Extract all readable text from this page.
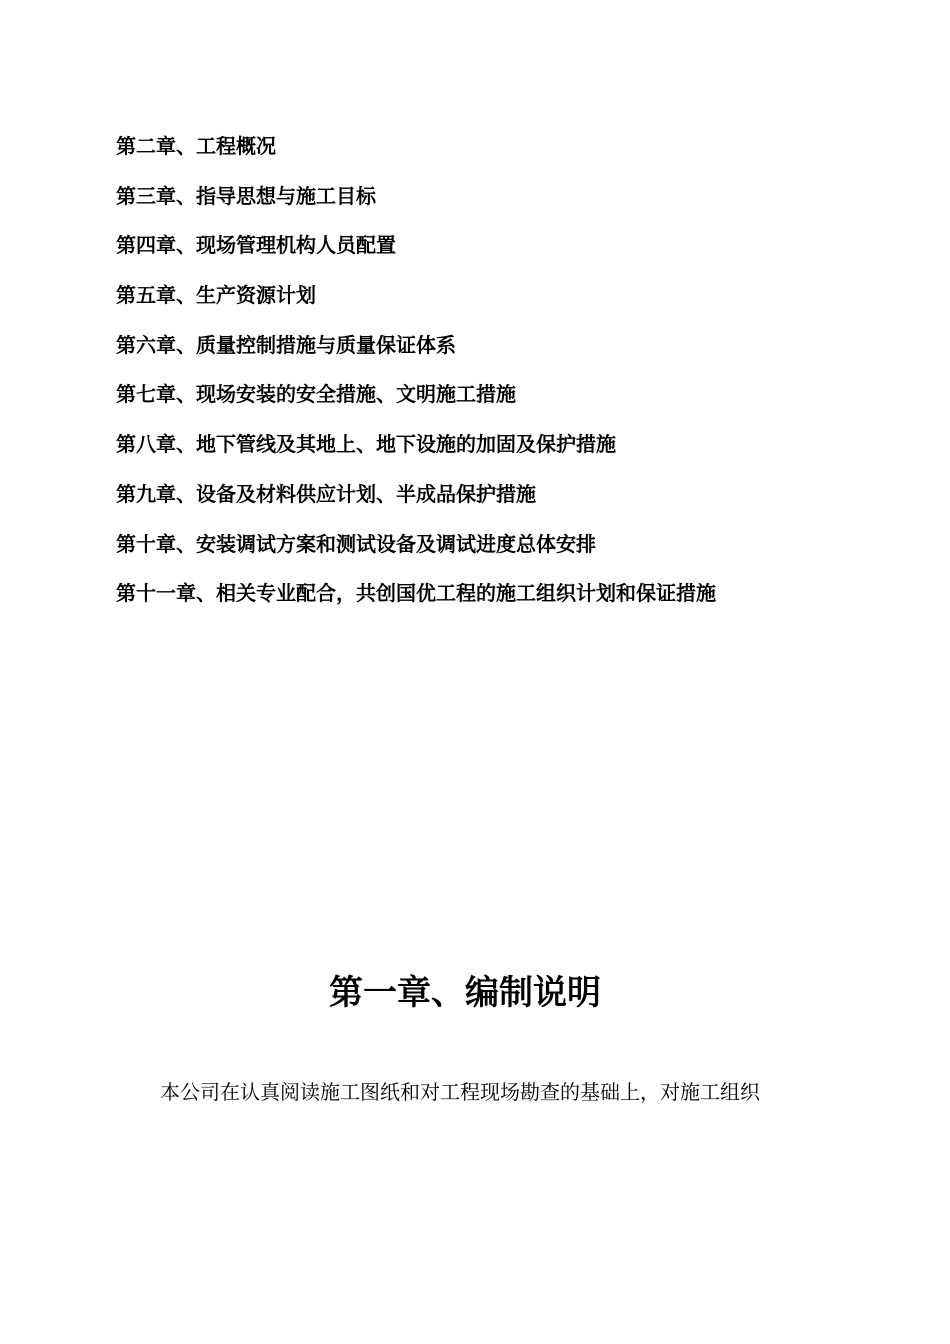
第二章、工程概况
第三章、指导思想与施工目标
第四章、现场管理机构人员配置
第五章、生产资源计划
第六章、质量控制措施与质量保证体系
第七章、现场安装的安全措施、文明施工措施
第八章、地下管线及其地上、地下设施的加固及保护措施
第九章、设备及材料供应计划、半成品保护措施
第十章、安装调试方案和测试设备及调试进度总体安排
第十一章、相关专业配合，共创国优工程的施工组织计划和保证措施
第一章、编制说明

本公司在认真阅读施工图纸和对工程现场勘查的基础上，对施工组织
